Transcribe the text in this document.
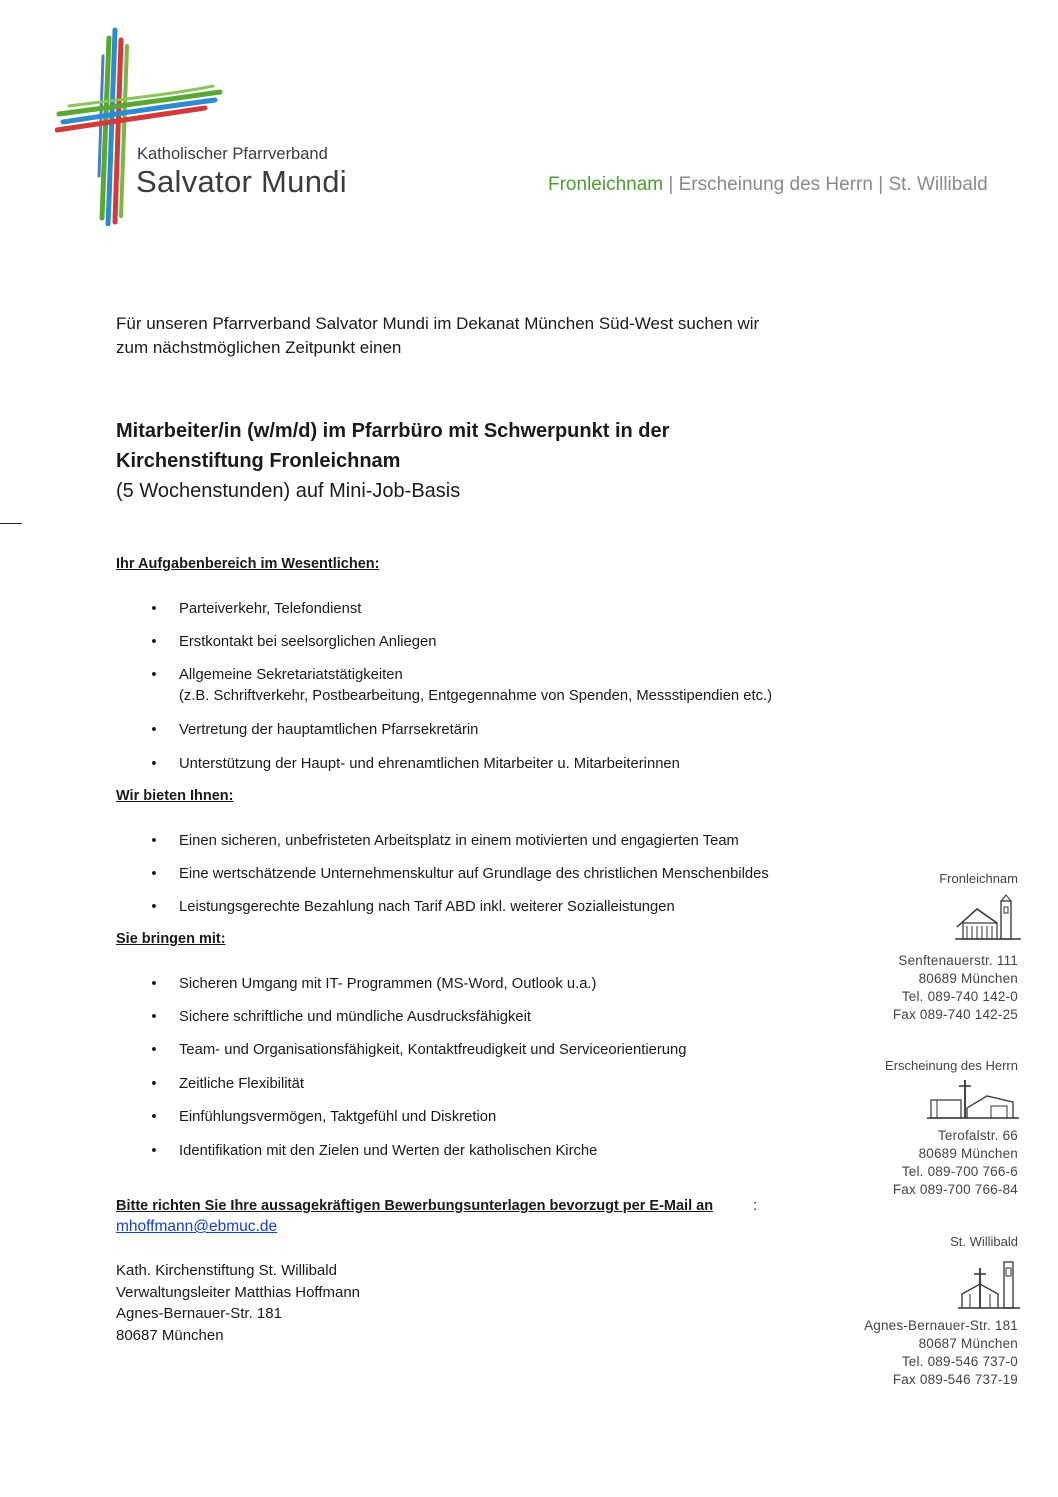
Katholischer Pfarrverband
Salvator Mundi	Fronleichnam | Erscheinung des Herrn | St. Willibald
Für unseren Pfarrverband Salvator Mundi im Dekanat München Süd-West suchen wir
zum nächstmöglichen Zeitpunkt einen
Mitarbeiter/in (w/m/d) im Pfarrbüro mit Schwerpunkt in der
Kirchenstiftung Fronleichnam
(5 Wochenstunden) auf Mini-Job-Basis
Ihr Aufgabenbereich im Wesentlichen:
• Parteiverkehr, Telefondienst
• Erstkontakt bei seelsorglichen Anliegen
• Allgemeine Sekretariatstätigkeiten
(z.B. Schriftverkehr, Postbearbeitung, Entgegennahme von Spenden, Messstipendien etc.)
• Vertretung der hauptamtlichen Pfarrsekretärin
• Unterstützung der Haupt- und ehrenamtlichen Mitarbeiter u. Mitarbeiterinnen
Wir bieten Ihnen:
• Einen sicheren, unbefristeten Arbeitsplatz in einem motivierten und engagierten Team
• Eine wertschätzende Unternehmenskultur auf Grundlage des christlichen Menschenbildes
• Leistungsgerechte Bezahlung nach Tarif ABD inkl. weiterer Sozialleistungen
Sie bringen mit:
• Sicheren Umgang mit IT- Programmen (MS-Word, Outlook u.a.)
• Sichere schriftliche und mündliche Ausdrucksfähigkeit
• Team- und Organisationsfähigkeit, Kontaktfreudigkeit und Serviceorientierung
• Zeitliche Flexibilität
• Einfühlungsvermögen, Taktgefühl und Diskretion
• Identifikation mit den Zielen und Werten der katholischen Kirche
Bitte richten Sie Ihre aussagekräftigen Bewerbungsunterlagen bevorzugt per E-Mail an	:
mhoffmann@ebmuc.de
Kath. Kirchenstiftung St. Willibald
Verwaltungsleiter Matthias Hoffmann
Agnes-Bernauer-Str. 181
80687 München
Fronleichnam
Senftenauerstr. 111
80689 München
Tel. 089-740 142-0
Fax 089-740 142-25
Erscheinung des Herrn
Terofalstr. 66
80689 München
Tel. 089-700 766-6
Fax 089-700 766-84
St. Willibald
Agnes-Bernauer-Str. 181
80687 München
Tel. 089-546 737-0
Fax 089-546 737-19
